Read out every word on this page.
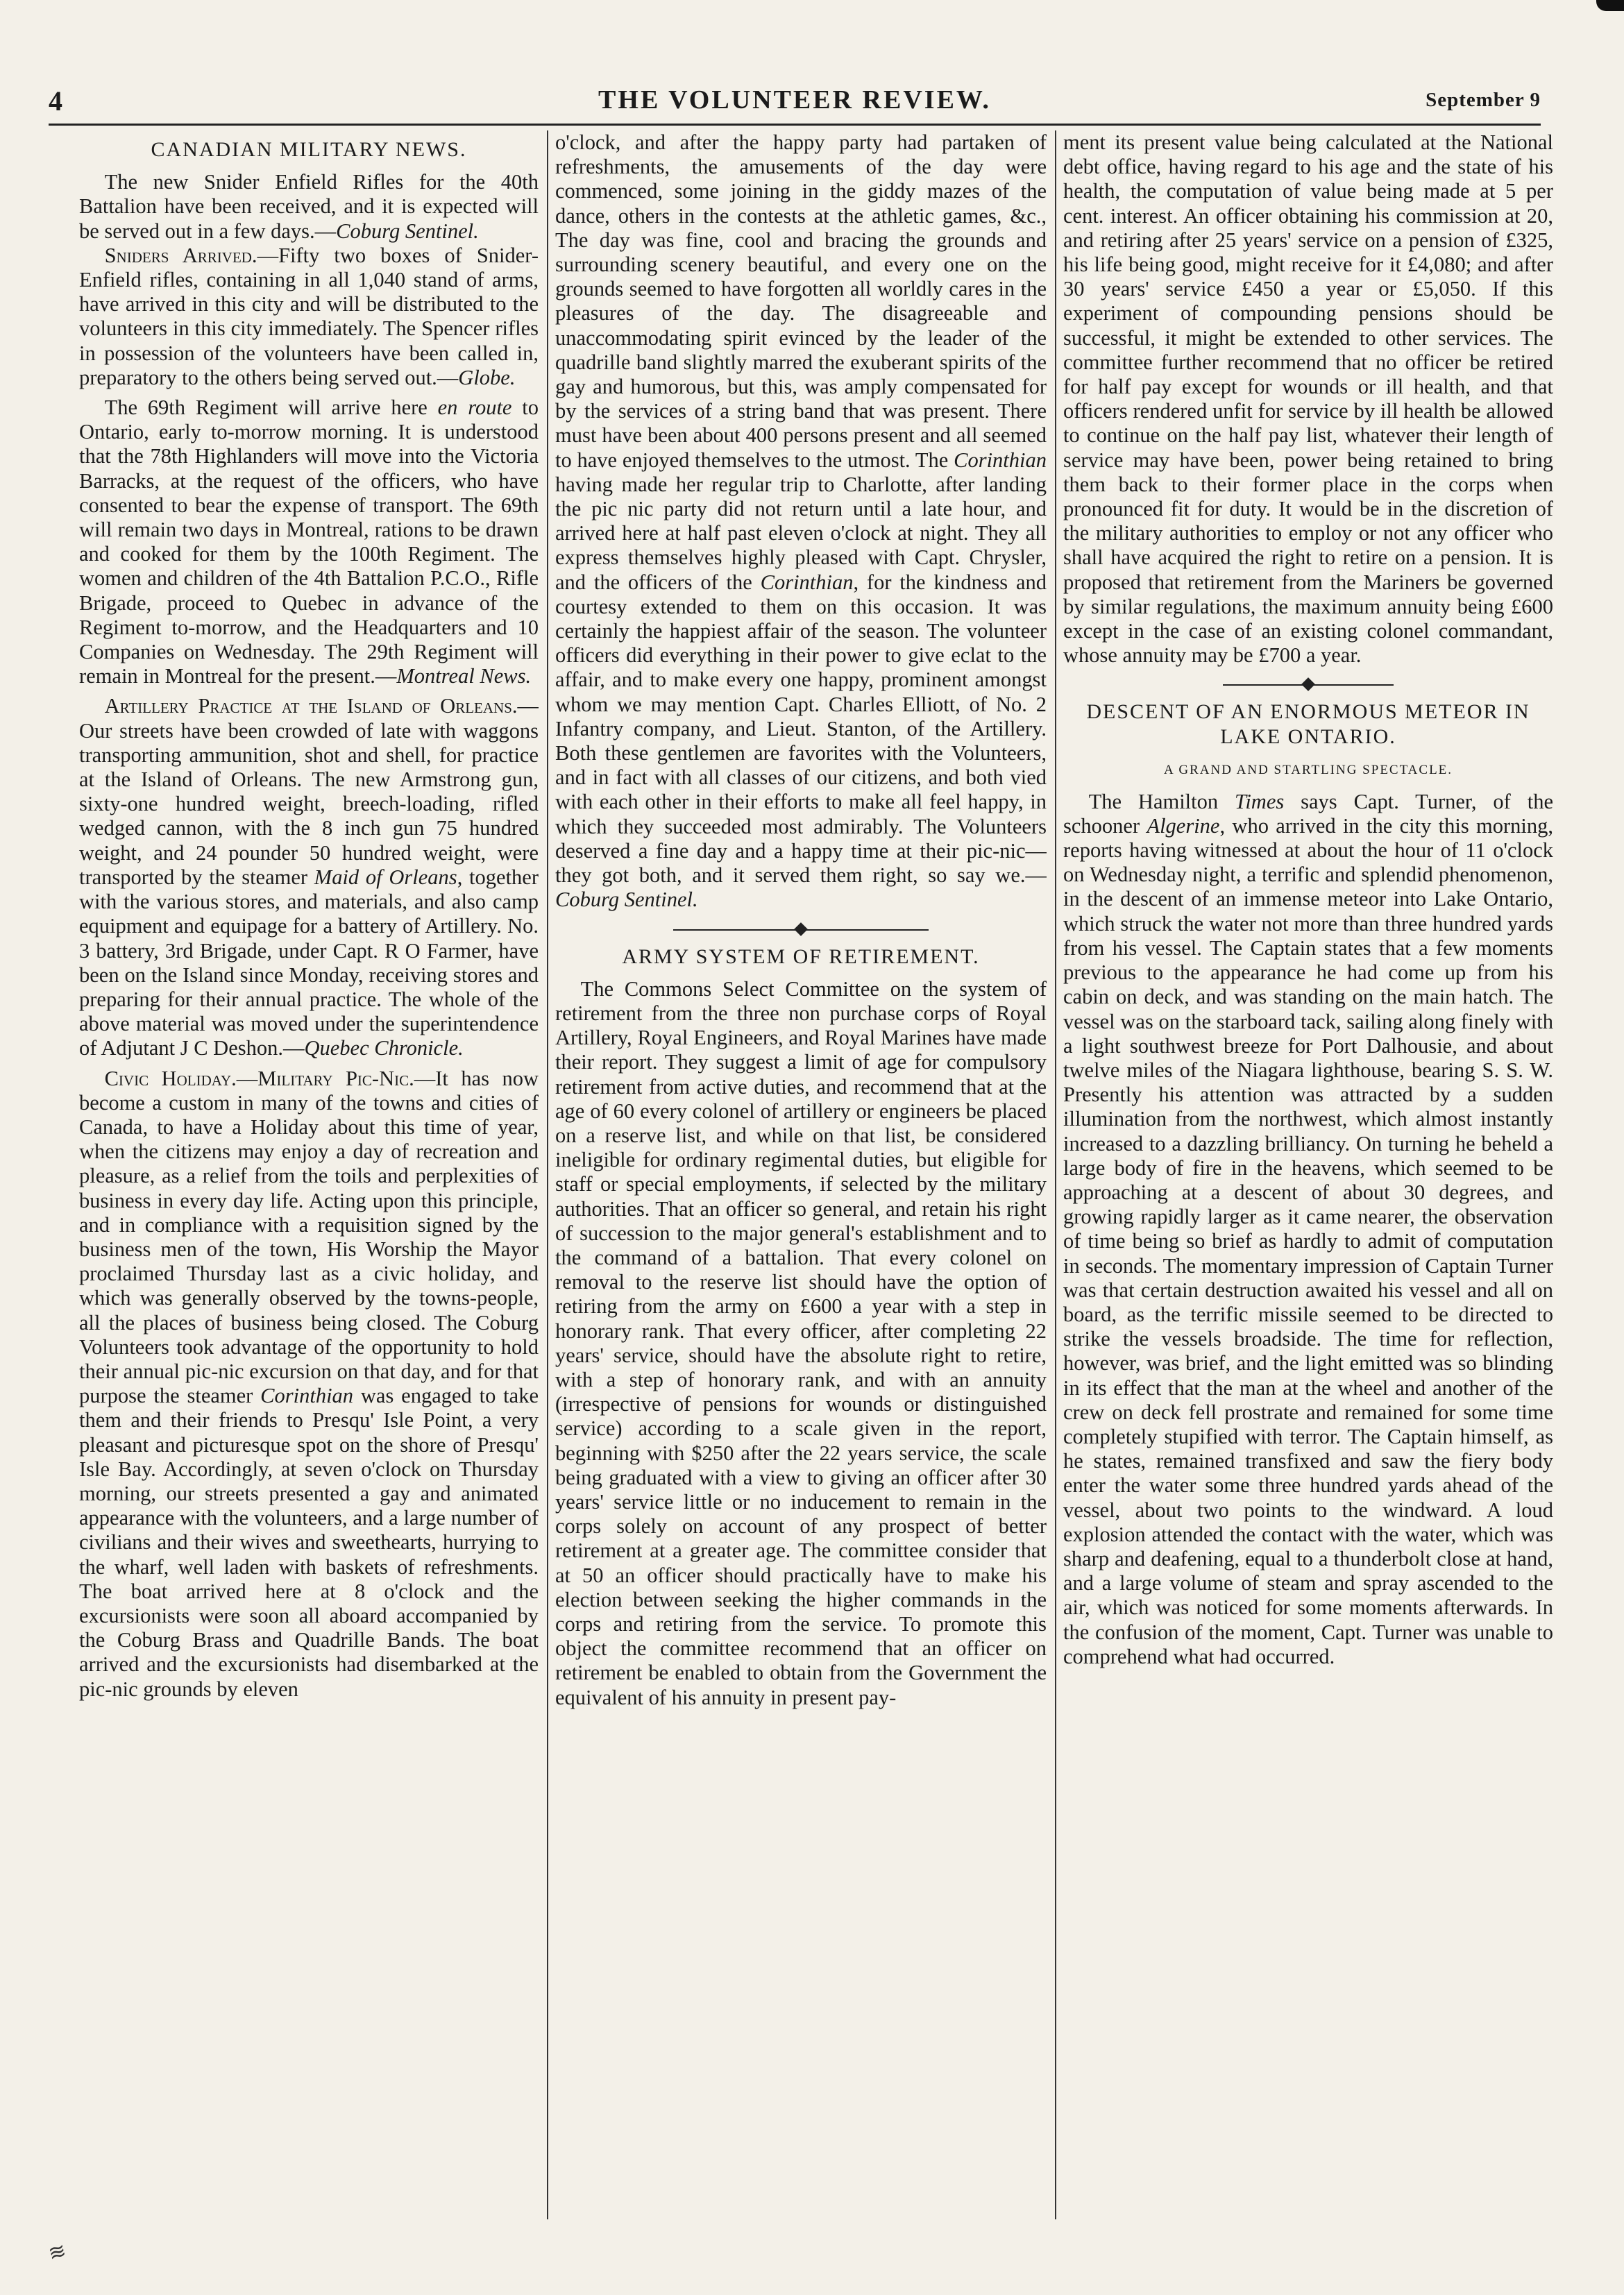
4	THE VOLUNTEER REVIEW.	September 9
CANADIAN MILITARY NEWS.

The new Snider Enfield Rifles for the 40th Battalion have been received, and it is expected will be served out in a few days.—Coburg Sentinel.

Sniders Arrived.—Fifty two boxes of Snider-Enfield rifles, containing in all 1,040 stand of arms, have arrived in this city and will be distributed to the volunteers in this city immediately. The Spencer rifles in possession of the volunteers have been called in, preparatory to the others being served out.—Globe.

The 69th Regiment will arrive here en route to Ontario, early to-morrow morning. It is understood that the 78th Highlanders will move into the Victoria Barracks, at the request of the officers, who have consented to bear the expense of transport. The 69th will remain two days in Montreal, rations to be drawn and cooked for them by the 100th Regiment. The women and children of the 4th Battalion P.C.O., Rifle Brigade, proceed to Quebec in advance of the Regiment to-morrow, and the Headquarters and 10 Companies on Wednesday. The 29th Regiment will remain in Montreal for the present.—Montreal News.

Artillery Practice at the Island of Orleans.—Our streets have been crowded of late with waggons transporting ammunition, shot and shell, for practice at the Island of Orleans. The new Armstrong gun, sixty-one hundred weight, breech-loading, rifled wedged cannon, with the 8 inch gun 75 hundred weight, and 24 pounder 50 hundred weight, were transported by the steamer Maid of Orleans, together with the various stores, and materials, and also camp equipment and equipage for a battery of Artillery. No. 3 battery, 3rd Brigade, under Capt. R O Farmer, have been on the Island since Monday, receiving stores and preparing for their annual practice. The whole of the above material was moved under the superintendence of Adjutant J C Deshon.—Quebec Chronicle.

Civic Holiday.—Military Pic-Nic.—It has now become a custom in many of the towns and cities of Canada, to have a Holiday about this time of year, when the citizens may enjoy a day of recreation and pleasure, as a relief from the toils and perplexities of business in every day life. Acting upon this principle, and in compliance with a requisition signed by the business men of the town, His Worship the Mayor proclaimed Thursday last as a civic holiday, and which was generally observed by the towns-people, all the places of business being closed. The Coburg Volunteers took advantage of the opportunity to hold their annual pic-nic excursion on that day, and for that purpose the steamer Corinthian was engaged to take them and their friends to Presqu' Isle Point, a very pleasant and picturesque spot on the shore of Presqu' Isle Bay. Accordingly, at seven o'clock on Thursday morning, our streets presented a gay and animated appearance with the volunteers, and a large number of civilians and their wives and sweethearts, hurrying to the wharf, well laden with baskets of refreshments. The boat arrived here at 8 o'clock and the excursionists were soon all aboard accompanied by the Coburg Brass and Quadrille Bands. The boat arrived and the excursionists had disembarked at the pic-nic grounds by eleven

o'clock, and after the happy party had partaken of refreshments, the amusements of the day were commenced, some joining in the giddy mazes of the dance, others in the contests at the athletic games, &c., The day was fine, cool and bracing the grounds and surrounding scenery beautiful, and every one on the grounds seemed to have forgotten all worldly cares in the pleasures of the day. The disagreeable and unaccommodating spirit evinced by the leader of the quadrille band slightly marred the exuberant spirits of the gay and humorous, but this, was amply compensated for by the services of a string band that was present. There must have been about 400 persons present and all seemed to have enjoyed themselves to the utmost. The Corinthian having made her regular trip to Charlotte, after landing the pic nic party did not return until a late hour, and arrived here at half past eleven o'clock at night. They all express themselves highly pleased with Capt. Chrysler, and the officers of the Corinthian, for the kindness and courtesy extended to them on this occasion. It was certainly the happiest affair of the season. The volunteer officers did everything in their power to give eclat to the affair, and to make every one happy, prominent amongst whom we may mention Capt. Charles Elliott, of No. 2 Infantry company, and Lieut. Stanton, of the Artillery. Both these gentlemen are favorites with the Volunteers, and in fact with all classes of our citizens, and both vied with each other in their efforts to make all feel happy, in which they succeeded most admirably. The Volunteers deserved a fine day and a happy time at their pic-nic—they got both, and it served them right, so say we.—Coburg Sentinel.

ARMY SYSTEM OF RETIREMENT.

The Commons Select Committee on the system of retirement from the three non purchase corps of Royal Artillery, Royal Engineers, and Royal Marines have made their report. They suggest a limit of age for compulsory retirement from active duties, and recommend that at the age of 60 every colonel of artillery or engineers be placed on a reserve list, and while on that list, be considered ineligible for ordinary regimental duties, but eligible for staff or special employments, if selected by the military authorities. That an officer so general, and retain his right of succession to the major general's establishment and to the command of a battalion. That every colonel on removal to the reserve list should have the option of retiring from the army on £600 a year with a step in honorary rank. That every officer, after completing 22 years' service, should have the absolute right to retire, with a step of honorary rank, and with an annuity (irrespective of pensions for wounds or distinguished service) according to a scale given in the report, beginning with $250 after the 22 years service, the scale being graduated with a view to giving an officer after 30 years' service little or no inducement to remain in the corps solely on account of any prospect of better retirement at a greater age. The committee consider that at 50 an officer should practically have to make his election between seeking the higher commands in the corps and retiring from the service. To promote this object the committee recommend that an officer on retirement be enabled to obtain from the Government the equivalent of his annuity in present pay-

ment its present value being calculated at the National debt office, having regard to his age and the state of his health, the computation of value being made at 5 per cent. interest. An officer obtaining his commission at 20, and retiring after 25 years' service on a pension of £325, his life being good, might receive for it £4,080; and after 30 years' service £450 a year or £5,050. If this experiment of compounding pensions should be successful, it might be extended to other services. The committee further recommend that no officer be retired for half pay except for wounds or ill health, and that officers rendered unfit for service by ill health be allowed to continue on the half pay list, whatever their length of service may have been, power being retained to bring them back to their former place in the corps when pronounced fit for duty. It would be in the discretion of the military authorities to employ or not any officer who shall have acquired the right to retire on a pension. It is proposed that retirement from the Mariners be governed by similar regulations, the maximum annuity being £600 except in the case of an existing colonel commandant, whose annuity may be £700 a year.

DESCENT OF AN ENORMOUS METEOR IN LAKE ONTARIO.
A GRAND AND STARTLING SPECTACLE.

The Hamilton Times says Capt. Turner, of the schooner Algerine, who arrived in the city this morning, reports having witnessed at about the hour of 11 o'clock on Wednesday night, a terrific and splendid phenomenon, in the descent of an immense meteor into Lake Ontario, which struck the water not more than three hundred yards from his vessel. The Captain states that a few moments previous to the appearance he had come up from his cabin on deck, and was standing on the main hatch. The vessel was on the starboard tack, sailing along finely with a light southwest breeze for Port Dalhousie, and about twelve miles of the Niagara lighthouse, bearing S. S. W. Presently his attention was attracted by a sudden illumination from the northwest, which almost instantly increased to a dazzling brilliancy. On turning he beheld a large body of fire in the heavens, which seemed to be approaching at a descent of about 30 degrees, and growing rapidly larger as it came nearer, the observation of time being so brief as hardly to admit of computation in seconds. The momentary impression of Captain Turner was that certain destruction awaited his vessel and all on board, as the terrific missile seemed to be directed to strike the vessels broadside. The time for reflection, however, was brief, and the light emitted was so blinding in its effect that the man at the wheel and another of the crew on deck fell prostrate and remained for some time completely stupified with terror. The Captain himself, as he states, remained transfixed and saw the fiery body enter the water some three hundred yards ahead of the vessel, about two points to the windward. A loud explosion attended the contact with the water, which was sharp and deafening, equal to a thunderbolt close at hand, and a large volume of steam and spray ascended to the air, which was noticed for some moments afterwards. In the confusion of the moment, Capt. Turner was unable to comprehend what had occurred.

≋
